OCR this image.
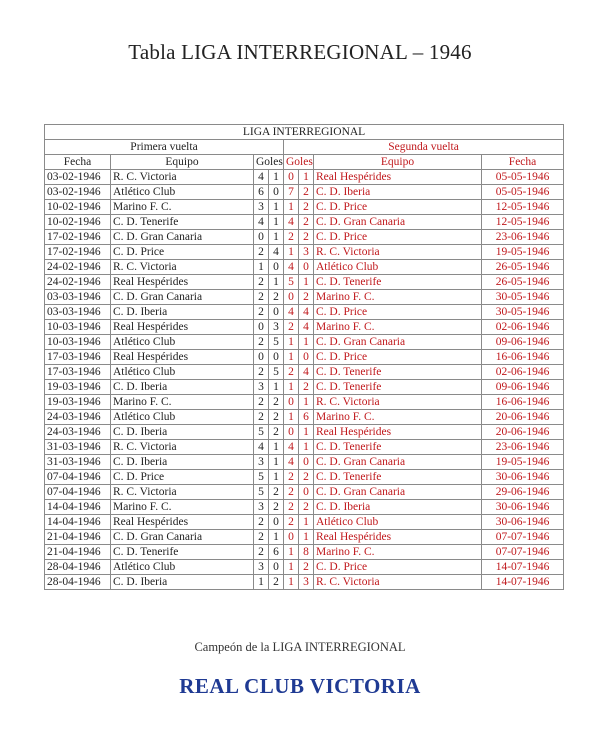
Tabla LIGA INTERREGIONAL – 1946
LIGA INTERREGIONAL							
Primera vuelta				Segunda vuelta			
Fecha	Equipo	Goles		Goles		Equipo	Fecha
03-02-1946	R. C. Victoria	4	1	0	1	Real Hespérides	05-05-1946
03-02-1946	Atlético Club	6	0	7	2	C. D. Iberia	05-05-1946
10-02-1946	Marino F. C.	3	1	1	2	C. D. Price	12-05-1946
10-02-1946	C. D. Tenerife	4	1	4	2	C. D. Gran Canaria	12-05-1946
17-02-1946	C. D. Gran Canaria	0	1	2	2	C. D. Price	23-06-1946
17-02-1946	C. D. Price	2	4	1	3	R. C. Victoria	19-05-1946
24-02-1946	R. C. Victoria	1	0	4	0	Atlético Club	26-05-1946
24-02-1946	Real Hespérides	2	1	5	1	C. D. Tenerife	26-05-1946
03-03-1946	C. D. Gran Canaria	2	2	0	2	Marino F. C.	30-05-1946
03-03-1946	C. D. Iberia	2	0	4	4	C. D. Price	30-05-1946
10-03-1946	Real Hespérides	0	3	2	4	Marino F. C.	02-06-1946
10-03-1946	Atlético Club	2	5	1	1	C. D. Gran Canaria	09-06-1946
17-03-1946	Real Hespérides	0	0	1	0	C. D. Price	16-06-1946
17-03-1946	Atlético Club	2	5	2	4	C. D. Tenerife	02-06-1946
19-03-1946	C. D. Iberia	3	1	1	2	C. D. Tenerife	09-06-1946
19-03-1946	Marino F. C.	2	2	0	1	R. C. Victoria	16-06-1946
24-03-1946	Atlético Club	2	2	1	6	Marino F. C.	20-06-1946
24-03-1946	C. D. Iberia	5	2	0	1	Real Hespérides	20-06-1946
31-03-1946	R. C. Victoria	4	1	4	1	C. D. Tenerife	23-06-1946
31-03-1946	C. D. Iberia	3	1	4	0	C. D. Gran Canaria	19-05-1946
07-04-1946	C. D. Price	5	1	2	2	C. D. Tenerife	30-06-1946
07-04-1946	R. C. Victoria	5	2	2	0	C. D. Gran Canaria	29-06-1946
14-04-1946	Marino F. C.	3	2	2	2	C. D. Iberia	30-06-1946
14-04-1946	Real Hespérides	2	0	2	1	Atlético Club	30-06-1946
21-04-1946	C. D. Gran Canaria	2	1	0	1	Real Hespérides	07-07-1946
21-04-1946	C. D. Tenerife	2	6	1	8	Marino F. C.	07-07-1946
28-04-1946	Atlético Club	3	0	1	2	C. D. Price	14-07-1946
28-04-1946	C. D. Iberia	1	2	1	3	R. C. Victoria	14-07-1946
Campeón de la LIGA INTERREGIONAL
REAL CLUB VICTORIA
